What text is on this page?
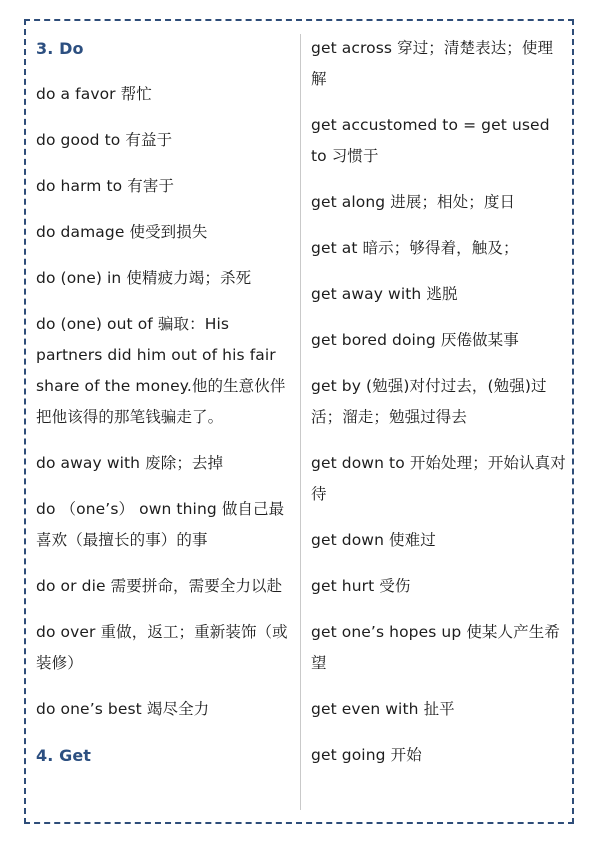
3. Do
do a favor 帮忙
do good to 有益于
do harm to 有害于
do damage 使受到损失
do (one) in 使精疲力竭；杀死
do (one) out of 骗取：His partners did him out of his fair share of the money.他的生意伙伴把他该得的那笔钱骗走了。
do away with 废除；去掉
do （one’s） own thing 做自己最喜欢（最擅长的事）的事
do or die 需要拼命，需要全力以赴
do over 重做，返工；重新装饰（或装修）
do one’s best 竭尽全力
4. Get
get across 穿过；清楚表达；使理解
get accustomed to = get used to 习惯于
get along 进展；相处；度日
get at 暗示；够得着，触及；
get away with 逃脱
get bored doing 厌倦做某事
get by (勉强)对付过去，(勉强)过活；溜走；勉强过得去
get down to 开始处理；开始认真对待
get down 使难过
get hurt 受伤
get one’s hopes up 使某人产生希望
get even with 扯平
get going 开始
